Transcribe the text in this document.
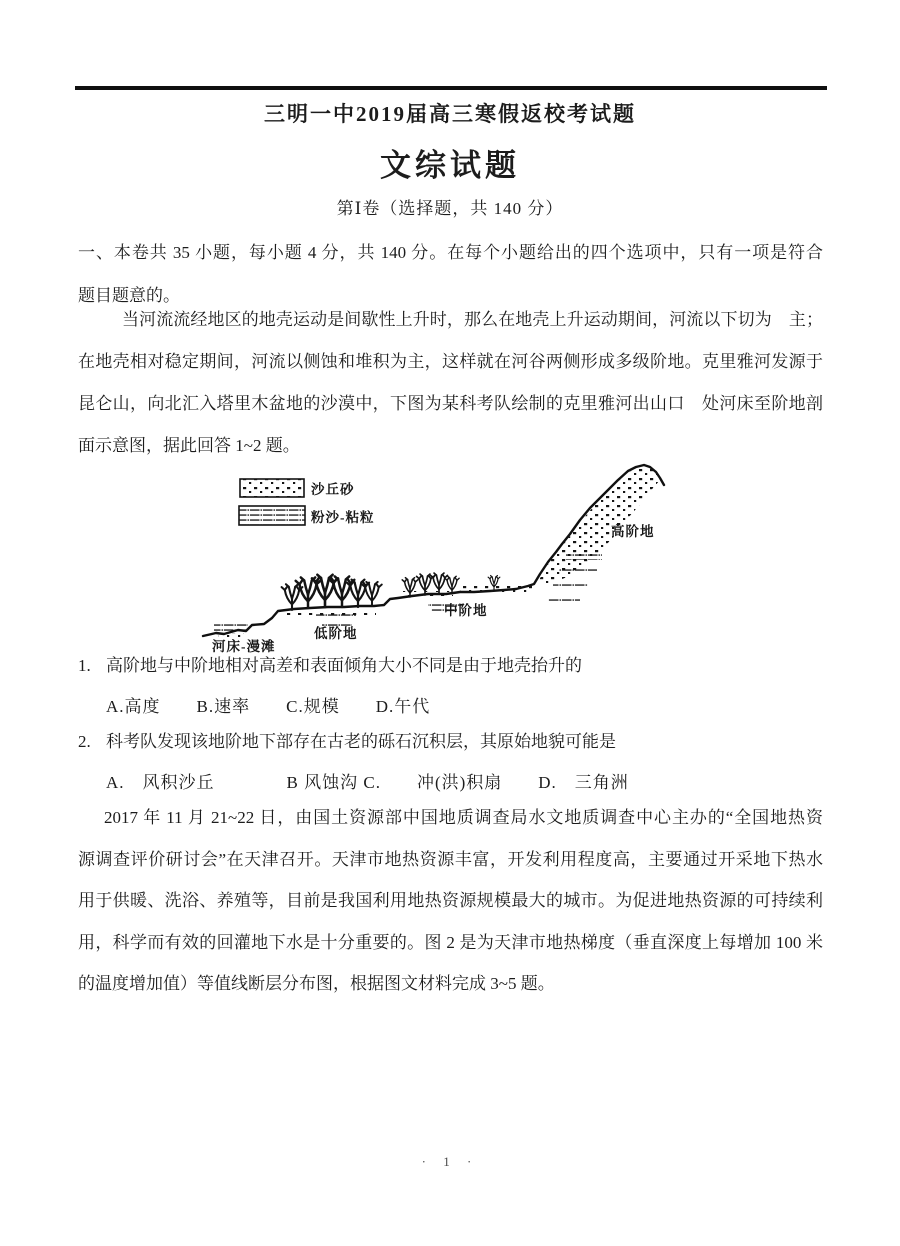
三明一中2019届高三寒假返校考试题
文综试题
第Ⅰ卷（选择题，共 140 分）
一、本卷共 35 小题，每小题 4 分，共 140 分。在每个小题给出的四个选项中，只有一项是符合
题目题意的。
当河流流经地区的地壳运动是间歇性上升时，那么在地壳上升运动期间，河流以下切为　主；
在地壳相对稳定期间，河流以侧蚀和堆积为主，这样就在河谷两侧形成多级阶地。克里雅河发源于
昆仑山，向北汇入塔里木盆地的沙漠中，下图为某科考队绘制的克里雅河出山口　处河床至阶地剖
面示意图，据此回答 1~2 题。
沙丘砂
粉沙-粘粒
高阶地
中阶地
低阶地
河床-漫滩
1. 高阶地与中阶地相对高差和表面倾角大小不同是由于地壳抬升的
A.高度　　B.速率　　C.规模　　D.午代
2. 科考队发现该地阶地下部存在古老的砾石沉积层，其原始地貌可能是
A.　风积沙丘　　　　B 风蚀沟 C.　　冲(洪)积扇　　D.　三角洲
2017 年 11 月 21~22 日，由国土资源部中国地质调查局水文地质调查中心主办的“全国地热资
源调查评价研讨会”在天津召开。天津市地热资源丰富，开发利用程度高，主要通过开采地下热水
用于供暖、洗浴、养殖等，目前是我国利用地热资源规模最大的城市。为促进地热资源的可持续利
用，科学而有效的回灌地下水是十分重要的。图 2 是为天津市地热梯度（垂直深度上每增加 100 米
的温度增加值）等值线断层分布图，根据图文材料完成 3~5 题。
· 1 ·
